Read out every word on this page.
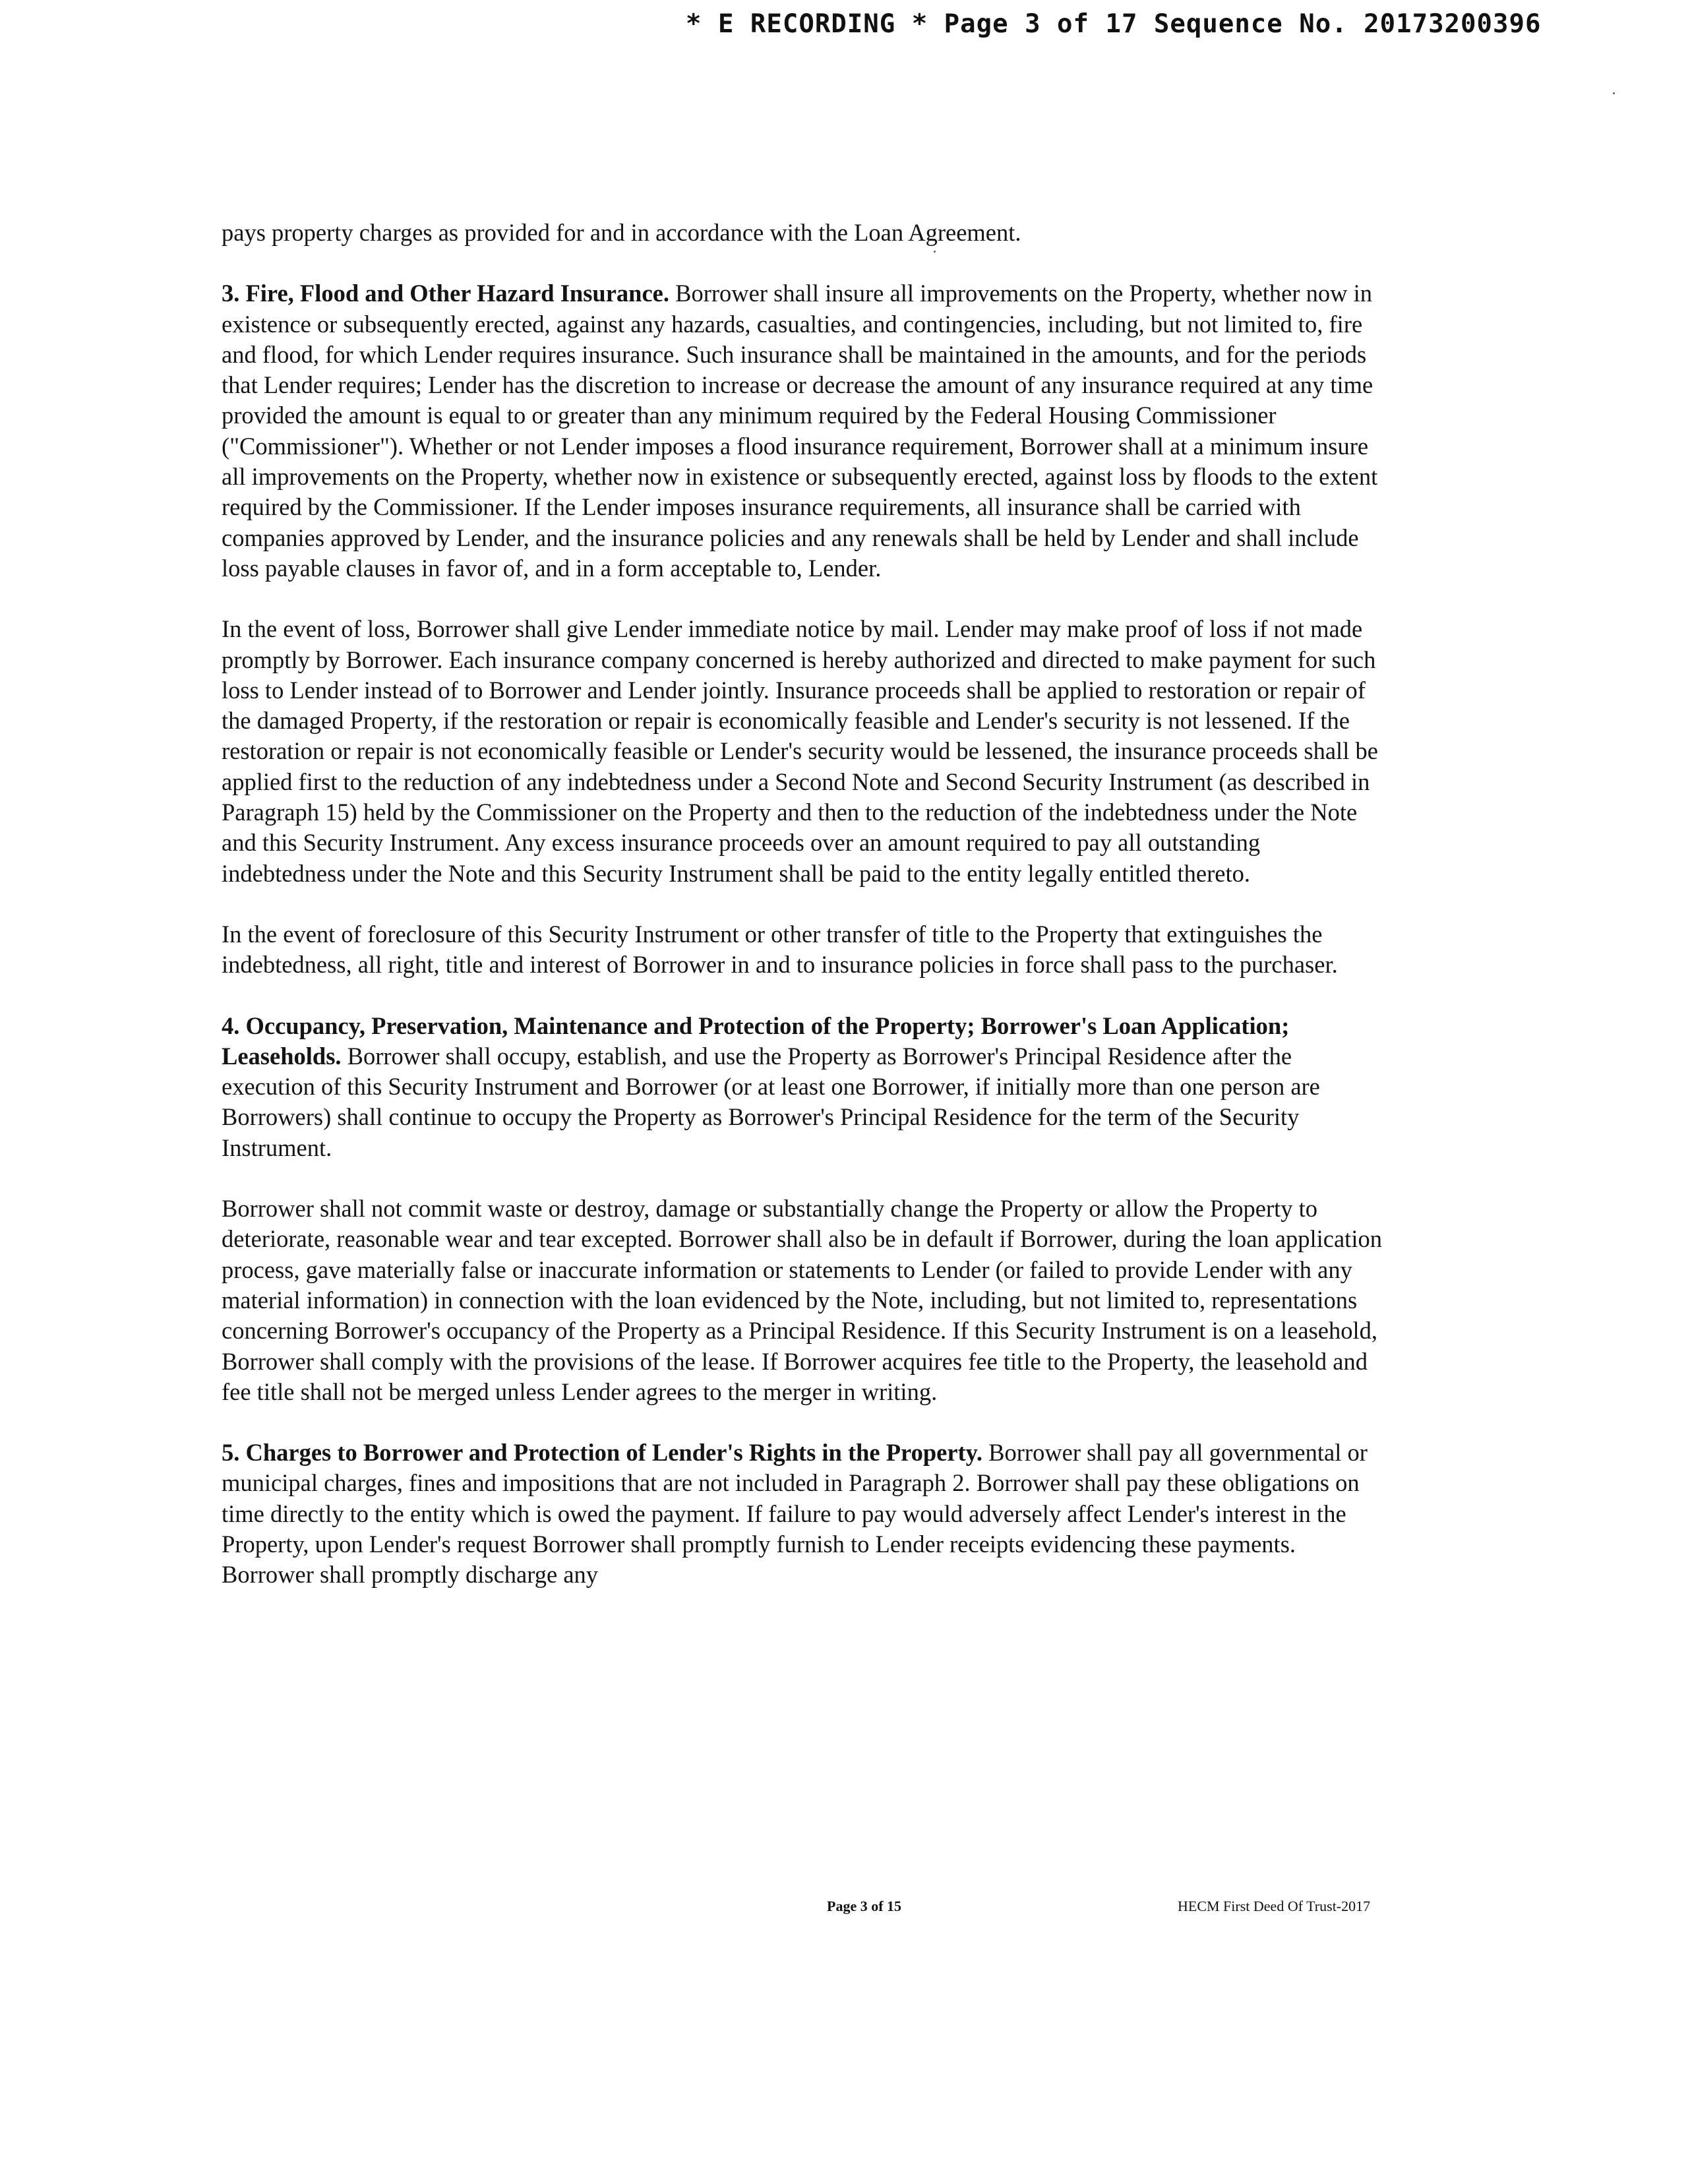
* E RECORDING * Page 3 of 17 Sequence No. 20173200396

pays property charges as provided for and in accordance with the Loan Agreement.

3. Fire, Flood and Other Hazard Insurance. Borrower shall insure all improvements on the Property, whether now in existence or subsequently erected, against any hazards, casualties, and contingencies, including, but not limited to, fire and flood, for which Lender requires insurance. Such insurance shall be maintained in the amounts, and for the periods that Lender requires; Lender has the discretion to increase or decrease the amount of any insurance required at any time provided the amount is equal to or greater than any minimum required by the Federal Housing Commissioner ("Commissioner"). Whether or not Lender imposes a flood insurance requirement, Borrower shall at a minimum insure all improvements on the Property, whether now in existence or subsequently erected, against loss by floods to the extent required by the Commissioner. If the Lender imposes insurance requirements, all insurance shall be carried with companies approved by Lender, and the insurance policies and any renewals shall be held by Lender and shall include loss payable clauses in favor of, and in a form acceptable to, Lender.

In the event of loss, Borrower shall give Lender immediate notice by mail. Lender may make proof of loss if not made promptly by Borrower. Each insurance company concerned is hereby authorized and directed to make payment for such loss to Lender instead of to Borrower and Lender jointly. Insurance proceeds shall be applied to restoration or repair of the damaged Property, if the restoration or repair is economically feasible and Lender's security is not lessened. If the restoration or repair is not economically feasible or Lender's security would be lessened, the insurance proceeds shall be applied first to the reduction of any indebtedness under a Second Note and Second Security Instrument (as described in Paragraph 15) held by the Commissioner on the Property and then to the reduction of the indebtedness under the Note and this Security Instrument. Any excess insurance proceeds over an amount required to pay all outstanding indebtedness under the Note and this Security Instrument shall be paid to the entity legally entitled thereto.

In the event of foreclosure of this Security Instrument or other transfer of title to the Property that extinguishes the indebtedness, all right, title and interest of Borrower in and to insurance policies in force shall pass to the purchaser.

4. Occupancy, Preservation, Maintenance and Protection of the Property; Borrower's Loan Application; Leaseholds. Borrower shall occupy, establish, and use the Property as Borrower's Principal Residence after the execution of this Security Instrument and Borrower (or at least one Borrower, if initially more than one person are Borrowers) shall continue to occupy the Property as Borrower's Principal Residence for the term of the Security Instrument.

Borrower shall not commit waste or destroy, damage or substantially change the Property or allow the Property to deteriorate, reasonable wear and tear excepted. Borrower shall also be in default if Borrower, during the loan application process, gave materially false or inaccurate information or statements to Lender (or failed to provide Lender with any material information) in connection with the loan evidenced by the Note, including, but not limited to, representations concerning Borrower's occupancy of the Property as a Principal Residence. If this Security Instrument is on a leasehold, Borrower shall comply with the provisions of the lease. If Borrower acquires fee title to the Property, the leasehold and fee title shall not be merged unless Lender agrees to the merger in writing.

5. Charges to Borrower and Protection of Lender's Rights in the Property. Borrower shall pay all governmental or municipal charges, fines and impositions that are not included in Paragraph 2. Borrower shall pay these obligations on time directly to the entity which is owed the payment. If failure to pay would adversely affect Lender's interest in the Property, upon Lender's request Borrower shall promptly furnish to Lender receipts evidencing these payments. Borrower shall promptly discharge any

Page 3 of 15	HECM First Deed Of Trust-2017
